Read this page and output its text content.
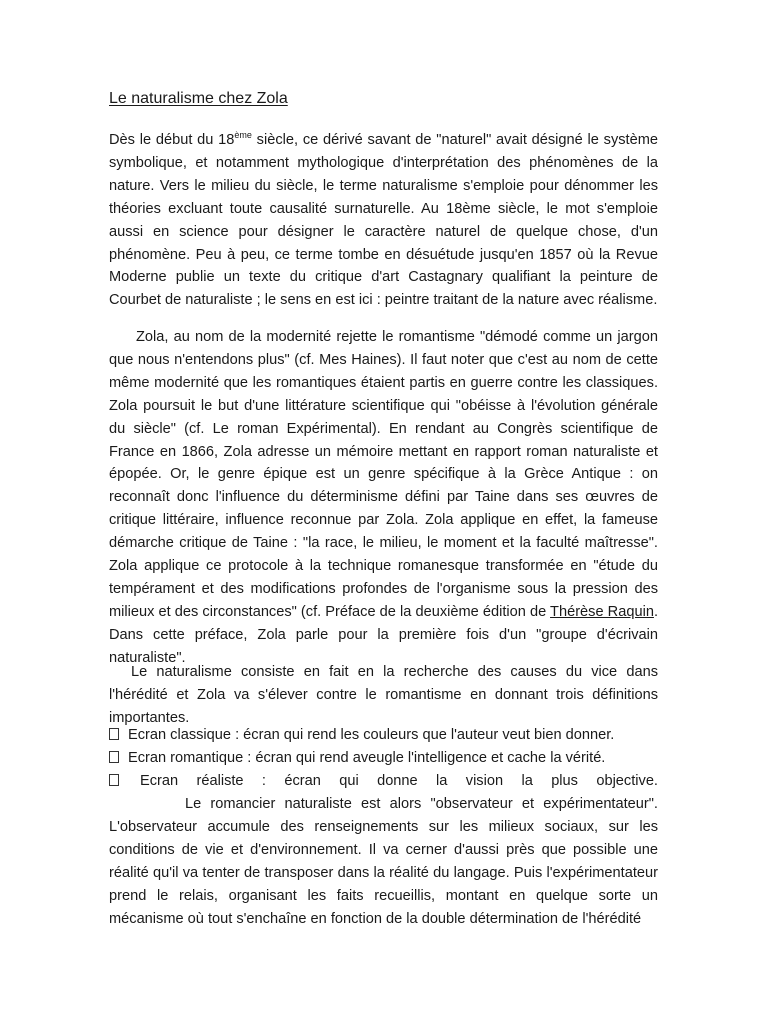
Le naturalisme chez Zola

Dès le début du 18ème siècle, ce dérivé savant de "naturel" avait désigné le système symbolique, et notamment mythologique d'interprétation des phénomènes de la nature. Vers le milieu du siècle, le terme naturalisme s'emploie pour dénommer les théories excluant toute causalité surnaturelle. Au 18ème siècle, le mot s'emploie aussi en science pour désigner le caractère naturel de quelque chose, d'un phénomène. Peu à peu, ce terme tombe en désuétude jusqu'en 1857 où la Revue Moderne publie un texte du critique d'art Castagnary qualifiant la peinture de Courbet de naturaliste ; le sens en est ici : peintre traitant de la nature avec réalisme.

Zola, au nom de la modernité rejette le romantisme "démodé comme un jargon que nous n'entendons plus" (cf. Mes Haines). Il faut noter que c'est au nom de cette même modernité que les romantiques étaient partis en guerre contre les classiques. Zola poursuit le but d'une littérature scientifique qui "obéisse à l'évolution générale du siècle" (cf. Le roman Expérimental). En rendant au Congrès scientifique de France en 1866, Zola adresse un mémoire mettant en rapport roman naturaliste et épopée. Or, le genre épique est un genre spécifique à la Grèce Antique : on reconnaît donc l'influence du déterminisme défini par Taine dans ses œuvres de critique littéraire, influence reconnue par Zola. Zola applique en effet, la fameuse démarche critique de Taine : "la race, le milieu, le moment et la faculté maîtresse". Zola applique ce protocole à la technique romanesque transformée en "étude du tempérament et des modifications profondes de l'organisme sous la pression des milieux et des circonstances" (cf. Préface de la deuxième édition de Thérèse Raquin. Dans cette préface, Zola parle pour la première fois d'un "groupe d'écrivain naturaliste".

Le naturalisme consiste en fait en la recherche des causes du vice dans l'hérédité et Zola va s'élever contre le romantisme en donnant trois définitions importantes.

Ecran classique : écran qui rend les couleurs que l'auteur veut bien donner.
Ecran romantique : écran qui rend aveugle l'intelligence et cache la vérité.
Ecran réaliste : écran qui donne la vision la plus objective.

Le romancier naturaliste est alors "observateur et expérimentateur". L'observateur accumule des renseignements sur les milieux sociaux, sur les conditions de vie et d'environnement. Il va cerner d'aussi près que possible une réalité qu'il va tenter de transposer dans la réalité du langage. Puis l'expérimentateur prend le relais, organisant les faits recueillis, montant en quelque sorte un mécanisme où tout s'enchaîne en fonction de la double détermination de l'hérédité
